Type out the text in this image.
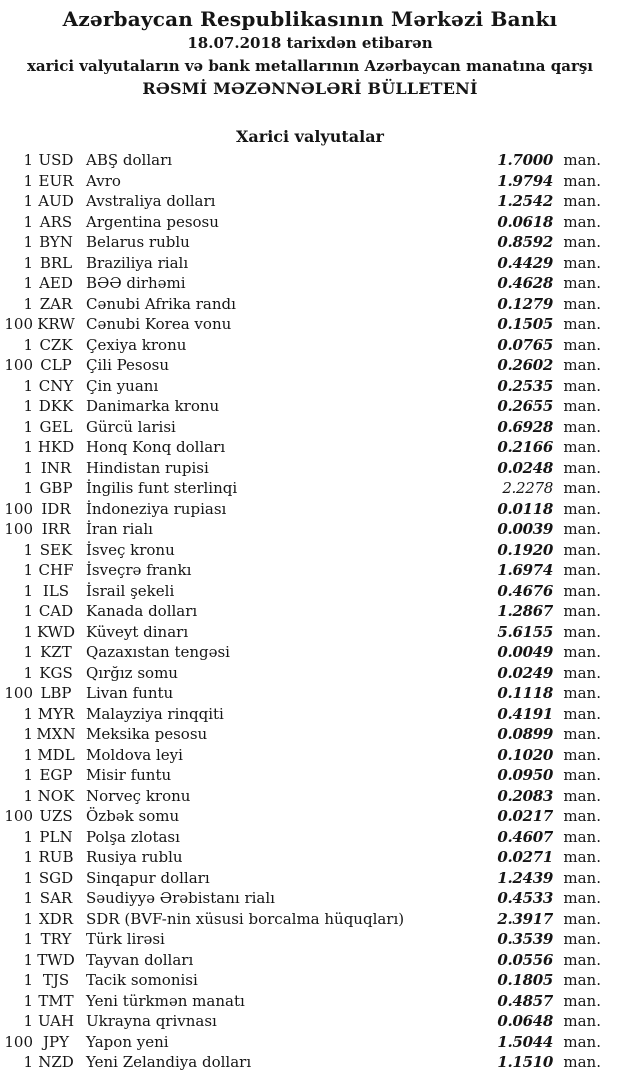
Azərbaycan Respublikasının Mərkəzi Bankı
18.07.2018 tarixdən etibarən
xarici valyutaların və bank metallarının Azərbaycan manatına qarşı
RƏSMİ MƏZƏNNƏLƏRİ BÜLLETENİ
Xarici valyutalar
1 USD ABŞ dolları	1.7000 man.
1 EUR Avro	1.9794 man.
1 AUD Avstraliya dolları	1.2542 man.
1 ARS Argentina pesosu	0.0618 man.
1 BYN Belarus rublu	0.8592 man.
1 BRL Braziliya rialı	0.4429 man.
1 AED BƏƏ dirhəmi	0.4628 man.
1 ZAR Cənubi Afrika randı	0.1279 man.
100 KRW Cənubi Korea vonu	0.1505 man.
1 CZK Çexiya kronu	0.0765 man.
100 CLP Çili Pesosu	0.2602 man.
1 CNY Çin yuanı	0.2535 man.
1 DKK Danimarka kronu	0.2655 man.
1 GEL Gürcü larisi	0.6928 man.
1 HKD Honq Konq dolları	0.2166 man.
1 INR Hindistan rupisi	0.0248 man.
1 GBP İngilis funt sterlinqi	2.2278 man.
100 IDR	İndoneziya rupiası	0.0118 man.
100 IRR	İran rialı	0.0039 man.
1 SEK İsveç kronu	0.1920 man.
1 CHF İsveçrə frankı	1.6974 man.
1 ILS	İsrail şekeli	0.4676 man.
1 CAD Kanada dolları	1.2867 man.
1 KWD Küveyt dinarı	5.6155 man.
1 KZT Qazaxıstan tengəsi	0.0049 man.
1 KGS Qırğız somu	0.0249 man.
100 LBP Livan funtu	0.1118 man.
1 MYR Malayziya rinqqiti	0.4191 man.
1 MXN Meksika pesosu	0.0899 man.
1 MDL Moldova leyi	0.1020 man.
1 EGP Misir funtu	0.0950 man.
1 NOK Norveç kronu	0.2083 man.
100 UZS Özbək somu	0.0217 man.
1 PLN Polşa zlotası	0.4607 man.
1 RUB Rusiya rublu	0.0271 man.
1 SGD Sinqapur dolları	1.2439 man.
1 SAR Səudiyyə Ərəbistanı rialı	0.4533 man.
1 XDR SDR (BVF-nin xüsusi borcalma hüquqları)	2.3917 man.
1 TRY Türk lirəsi	0.3539 man.
1 TWD Tayvan dolları	0.0556 man.
1 TJS	Tacik somonisi	0.1805 man.
1 TMT Yeni türkmən manatı	0.4857 man.
1 UAH Ukrayna qrivnası	0.0648 man.
100 JPY	Yapon yeni	1.5044 man.
1 NZD Yeni Zelandiya dolları	1.1510 man.
